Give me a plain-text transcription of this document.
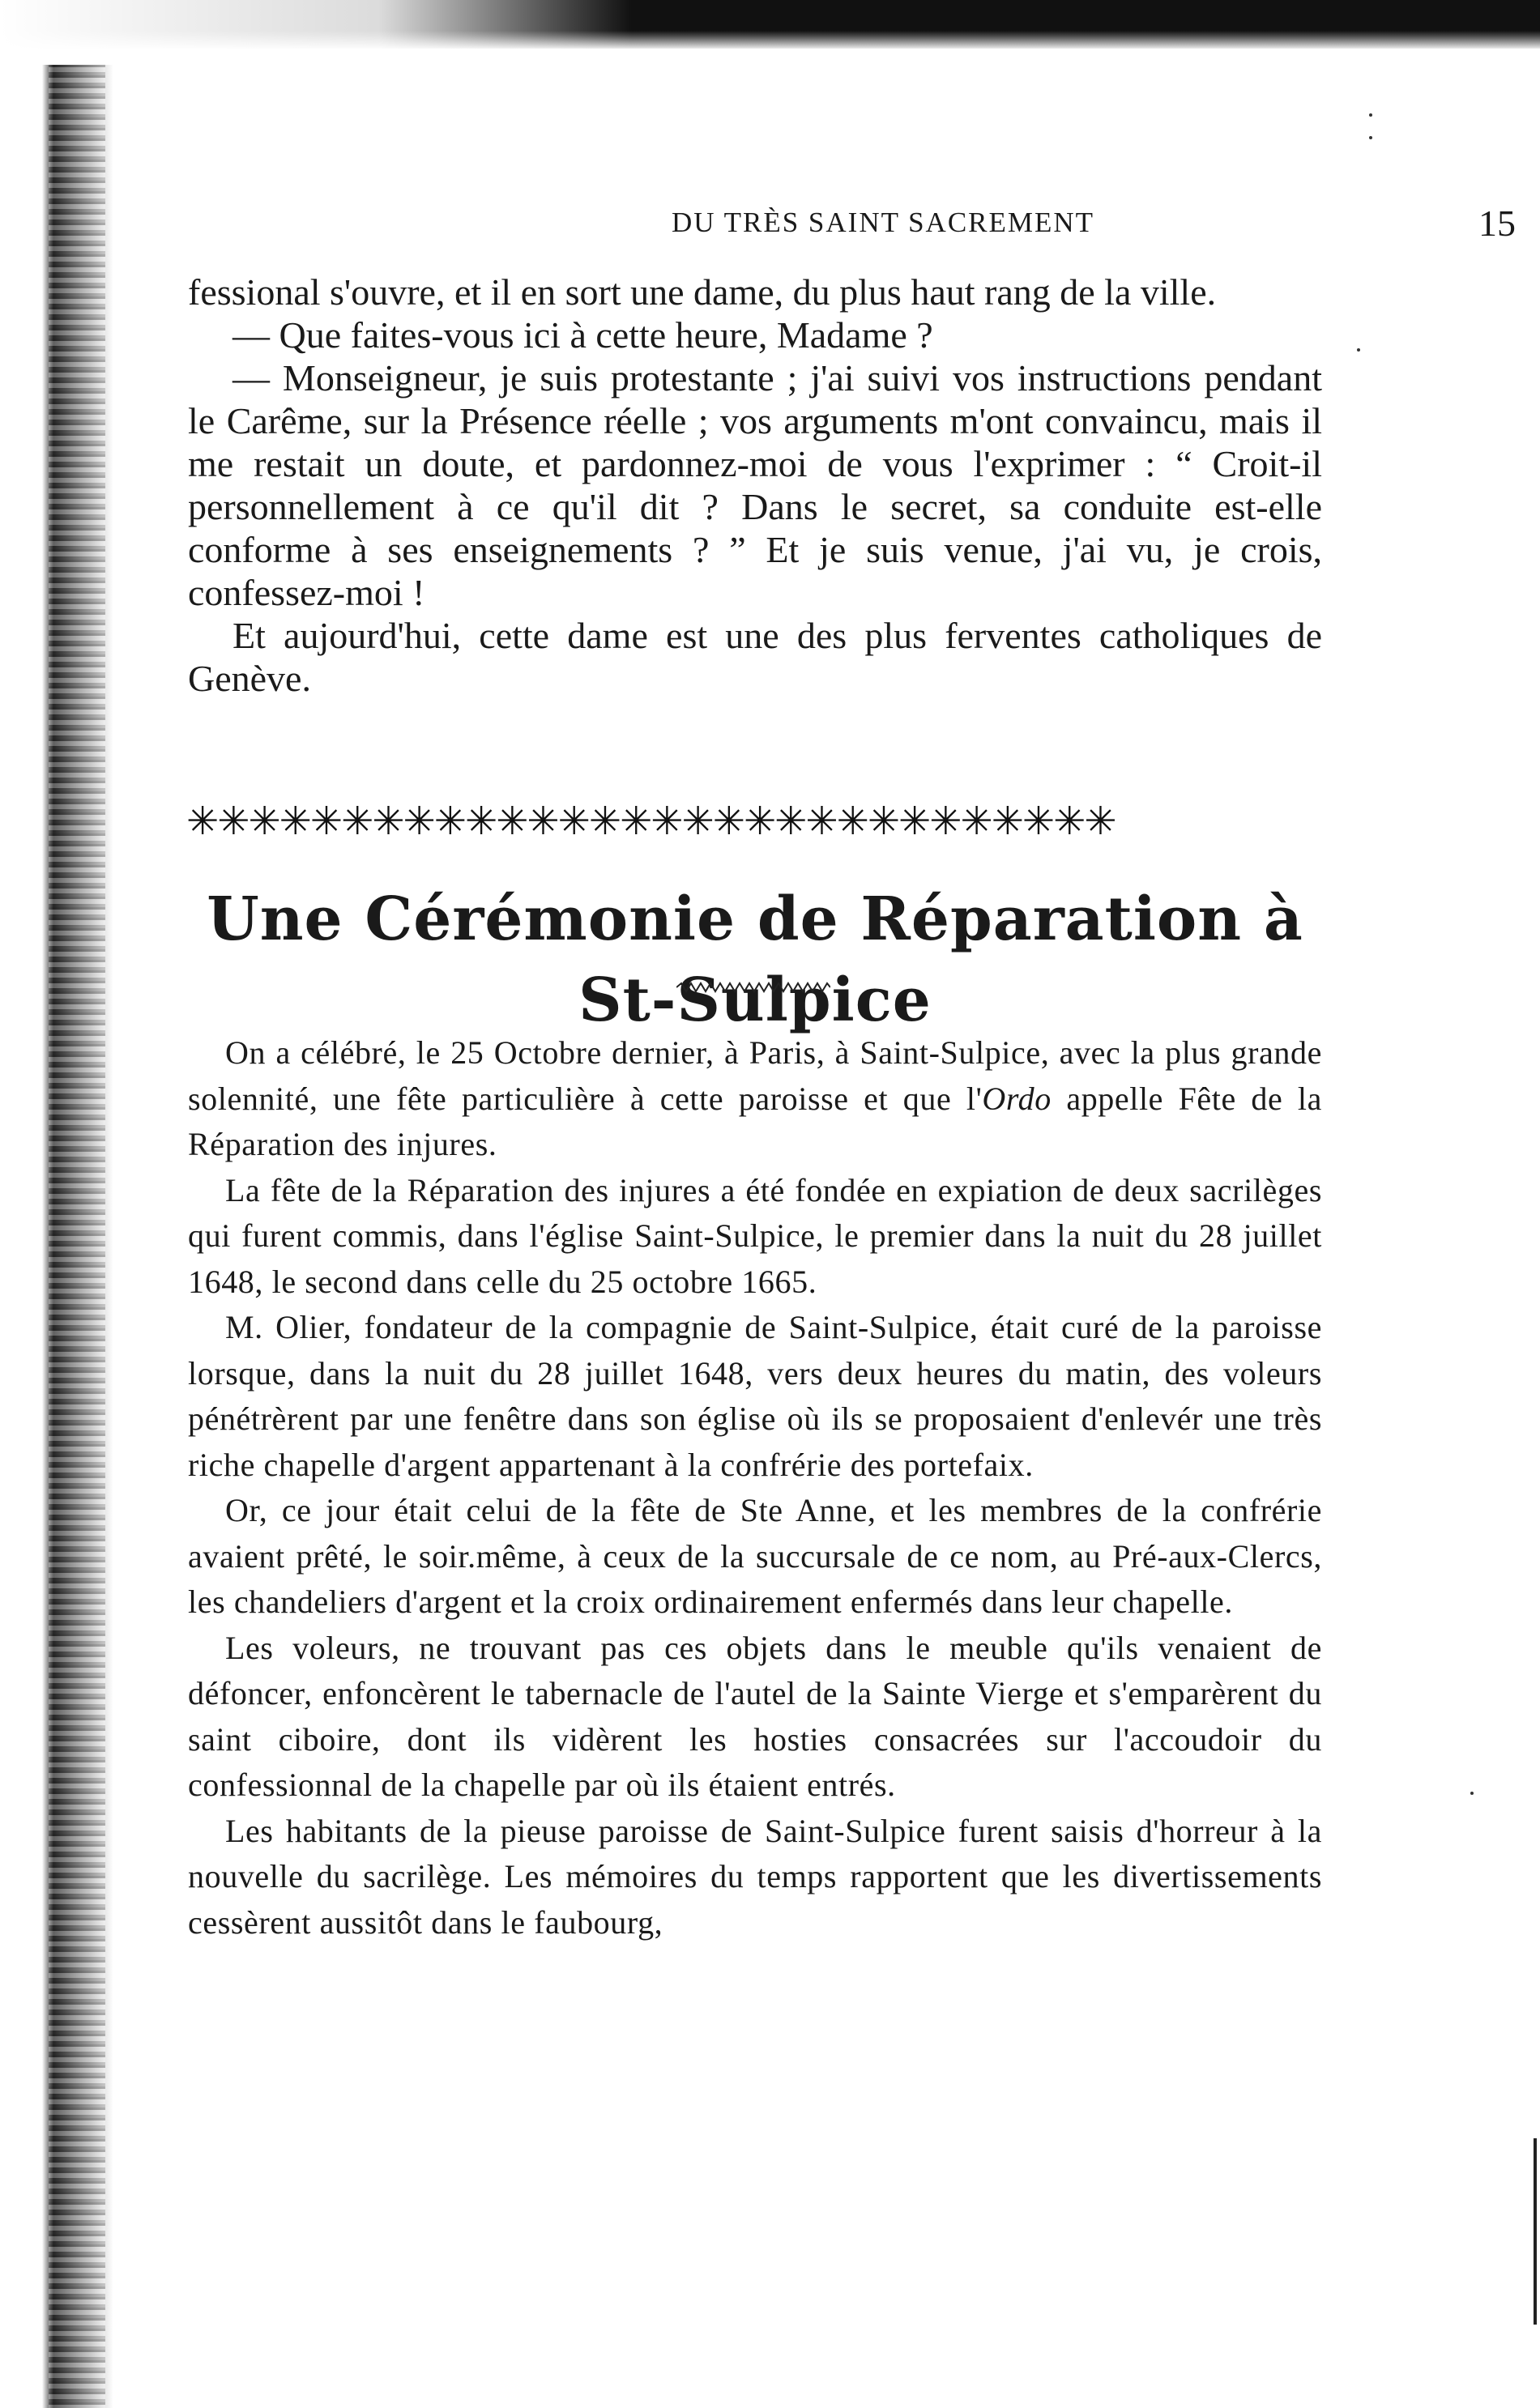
DU TRÈS SAINT SACREMENT	15

fessional s'ouvre, et il en sort une dame, du plus haut rang de la ville.

— Que faites-vous ici à cette heure, Madame ?

— Monseigneur, je suis protestante ; j'ai suivi vos instructions pendant le Carême, sur la Présence réelle ; vos arguments m'ont convaincu, mais il me restait un doute, et pardonnez-moi de vous l'exprimer : “ Croit-il personnellement à ce qu'il dit ? Dans le secret, sa conduite est-elle conforme à ses enseignements ? ” Et je suis venue, j'ai vu, je crois, confessez-moi !

Et aujourd'hui, cette dame est une des plus ferventes catholiques de Genève.

✳✳✳✳✳✳✳✳✳✳✳✳✳✳✳✳✳✳✳✳✳✳✳✳✳✳✳✳✳✳
Une Cérémonie de Réparation à St-Sulpice

On a célébré, le 25 Octobre dernier, à Paris, à Saint-Sulpice, avec la plus grande solennité, une fête particulière à cette paroisse et que l'Ordo appelle Fête de la Réparation des injures.

La fête de la Réparation des injures a été fondée en expiation de deux sacrilèges qui furent commis, dans l'église Saint-Sulpice, le premier dans la nuit du 28 juillet 1648, le second dans celle du 25 octobre 1665.

M. Olier, fondateur de la compagnie de Saint-Sulpice, était curé de la paroisse lorsque, dans la nuit du 28 juillet 1648, vers deux heures du matin, des voleurs pénétrèrent par une fenêtre dans son église où ils se proposaient d'enlevér une très riche chapelle d'argent appartenant à la confrérie des portefaix.

Or, ce jour était celui de la fête de Ste Anne, et les membres de la confrérie avaient prêté, le soir.même, à ceux de la succursale de ce nom, au Pré-aux-Clercs, les chandeliers d'argent et la croix ordinairement enfermés dans leur chapelle.

Les voleurs, ne trouvant pas ces objets dans le meuble qu'ils venaient de défoncer, enfoncèrent le tabernacle de l'autel de la Sainte Vierge et s'emparèrent du saint ciboire, dont ils vidèrent les hosties consacrées sur l'accoudoir du confessionnal de la chapelle par où ils étaient entrés.

Les habitants de la pieuse paroisse de Saint-Sulpice furent saisis d'horreur à la nouvelle du sacrilège. Les mémoires du temps rapportent que les divertissements cessèrent aussitôt dans le faubourg,
